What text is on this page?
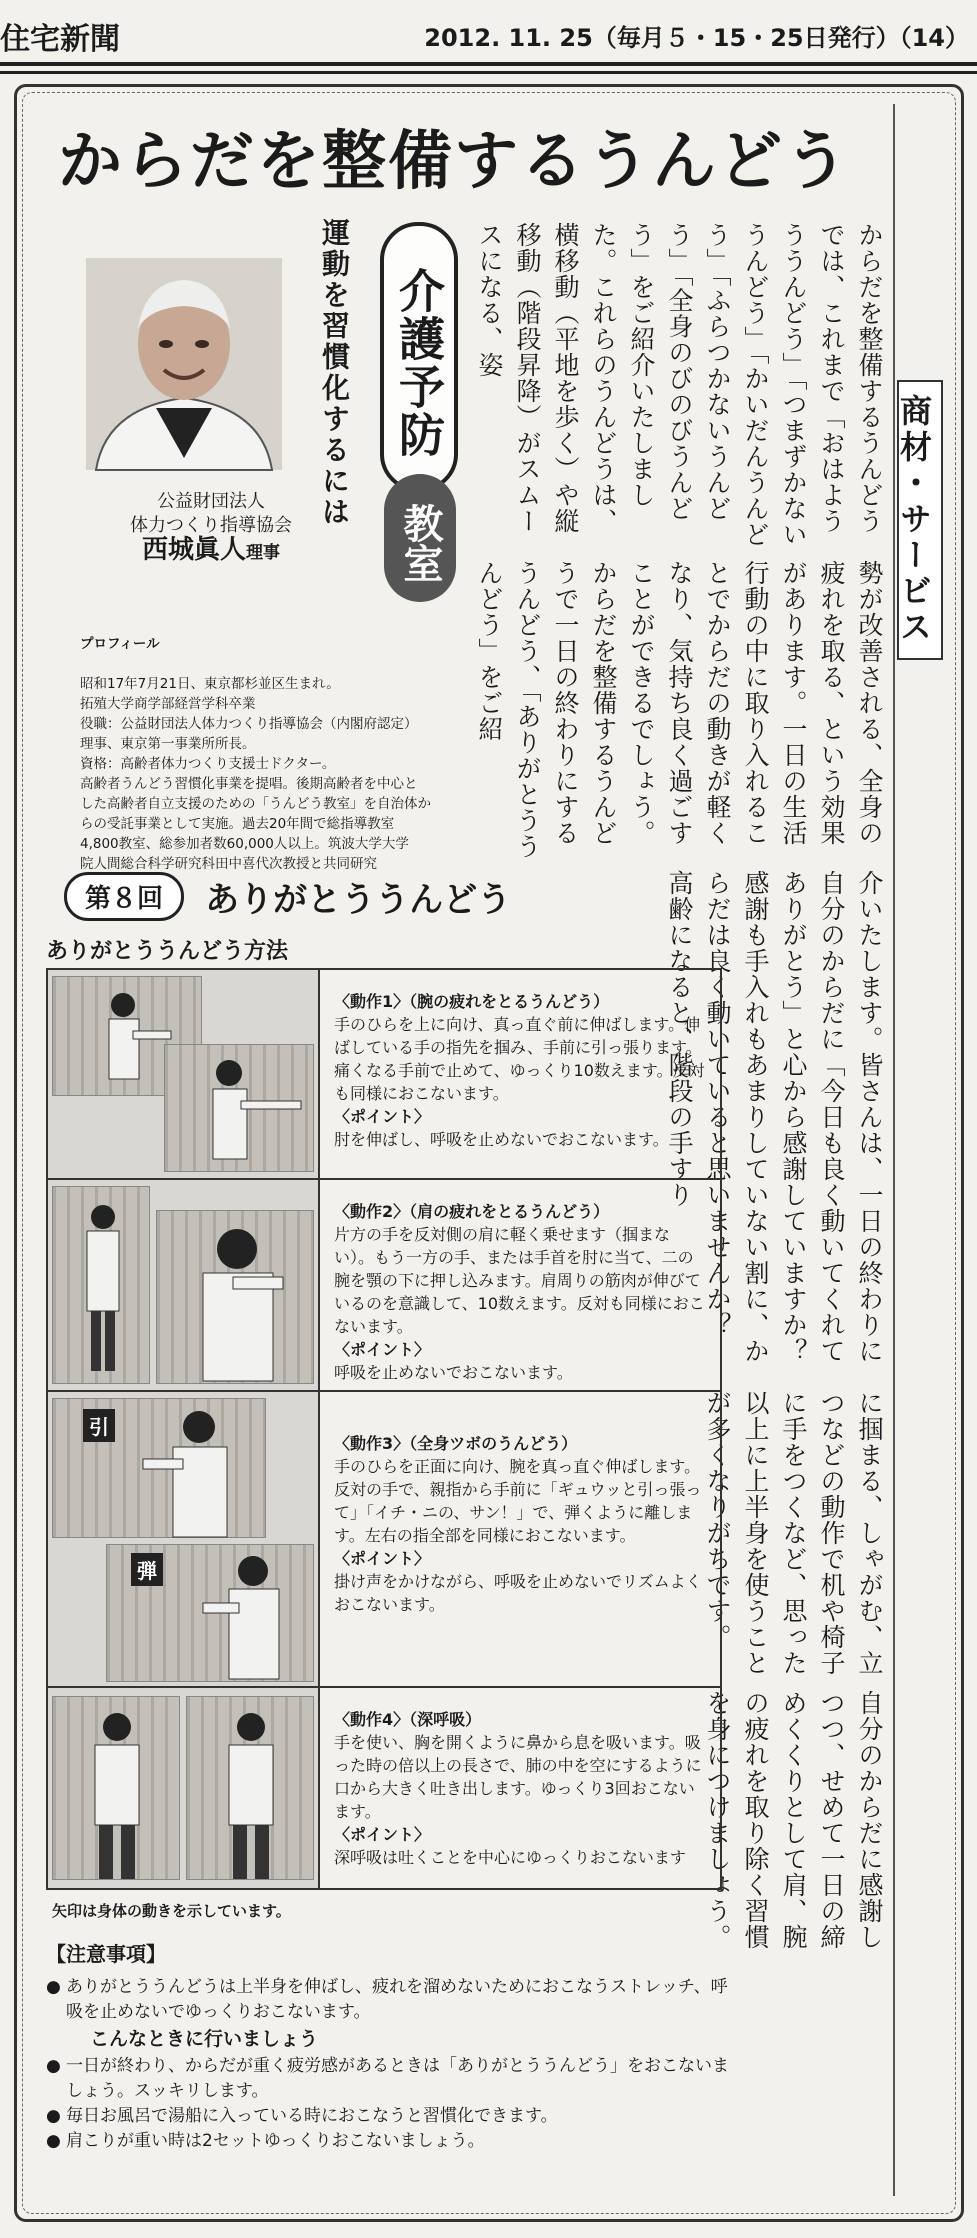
住宅新聞	2012. 11. 25（毎月５・15・25日発行）（14）
商材・サービス
からだを整備するうんどう
公益財団法人
体力つくり指導協会
西城眞人理事
運動を習慣化するには 介護予防
教室
からだを整備するうんどうでは、これまで「おはようううんどう」「つまずかないうんどう」「かいだんうんどう」「ふらつかないうんどう」「全身のびのびうんどう」をご紹介いたしました。これらのうんどうは、横移動（平地を歩く）や縦移動（階段昇降）がスムースになる、姿
勢が改善される、全身の疲れを取る、という効果があります。一日の生活行動の中に取り入れることでからだの動きが軽くなり、気持ち良く過ごすことができるでしょう。　からだを整備するうんどうで一日の終わりにするうんどう、「ありがとううんどう」をご紹
介いたします。皆さんは、一日の終わりに自分のからだに「今日も良く動いてくれてありがとう」と心から感謝していますか？感謝も手入れもあまりしていない割に、からだは良く動いていると思いませんか？　高齢になると、階段の手すり
に掴まる、しゃがむ、立つなどの動作で机や椅子に手をつくなど、思った以上に上半身を使うことが多くなりがちです。
自分のからだに感謝しつつ、せめて一日の締めくくりとして肩、腕の疲れを取り除く習慣を身につけましょう。

プロフィール

昭和17年7月21日、東京都杉並区生まれ。
拓殖大学商学部経営学科卒業
役職：公益財団法人体力つくり指導協会（内閣府認定）
理事、東京第一事業所所長。
資格：高齢者体力つくり支援士ドクター。
高齢者うんどう習慣化事業を提唱。後期高齢者を中心と
した高齢者自立支援のための「うんどう教室」を自治体か
らの受託事業として実施。過去20年間で総指導教室
4,800教室、総参加者数60,000人以上。筑波大学大学
院人間総合科学研究科田中喜代次教授と共同研究

第８回 ありがとううんどう
ありがとううんどう方法
〈動作1〉（腕の疲れをとるうんどう）
手のひらを上に向け、真っ直ぐ前に伸ばします。伸ばしている手の指先を掴み、手前に引っ張ります。痛くなる手前で止めて、ゆっくり10数えます。反対も同様におこないます。
〈ポイント〉
肘を伸ばし、呼吸を止めないでおこないます。
〈動作2〉（肩の疲れをとるうんどう）
片方の手を反対側の肩に軽く乗せます（掴まない）。もう一方の手、または手首を肘に当て、二の腕を顎の下に押し込みます。肩周りの筋肉が伸びているのを意識して、10数えます。反対も同様におこないます。
〈ポイント〉
呼吸を止めないでおこないます。
引
弾
〈動作3〉（全身ツボのうんどう）
手のひらを正面に向け、腕を真っ直ぐ伸ばします。反対の手で、親指から手前に「ギュウッと引っ張って」「イチ・ニの、サン！」で、弾くように離します。左右の指全部を同様におこないます。
〈ポイント〉
掛け声をかけながら、呼吸を止めないでリズムよくおこないます。
〈動作4〉（深呼吸）
手を使い、胸を開くように鼻から息を吸います。吸った時の倍以上の長さで、肺の中を空にするように口から大きく吐き出します。ゆっくり3回おこないます。
〈ポイント〉
深呼吸は吐くことを中心にゆっくりおこないます
矢印は身体の動きを示しています。
【注意事項】
● ありがとううんどうは上半身を伸ばし、疲れを溜めないためにおこなうストレッチ、呼吸を止めないでゆっくりおこないます。
こんなときに行いましょう
● 一日が終わり、からだが重く疲労感があるときは「ありがとううんどう」をおこないましょう。スッキリします。
● 毎日お風呂で湯船に入っている時におこなうと習慣化できます。
● 肩こりが重い時は2セットゆっくりおこないましょう。
